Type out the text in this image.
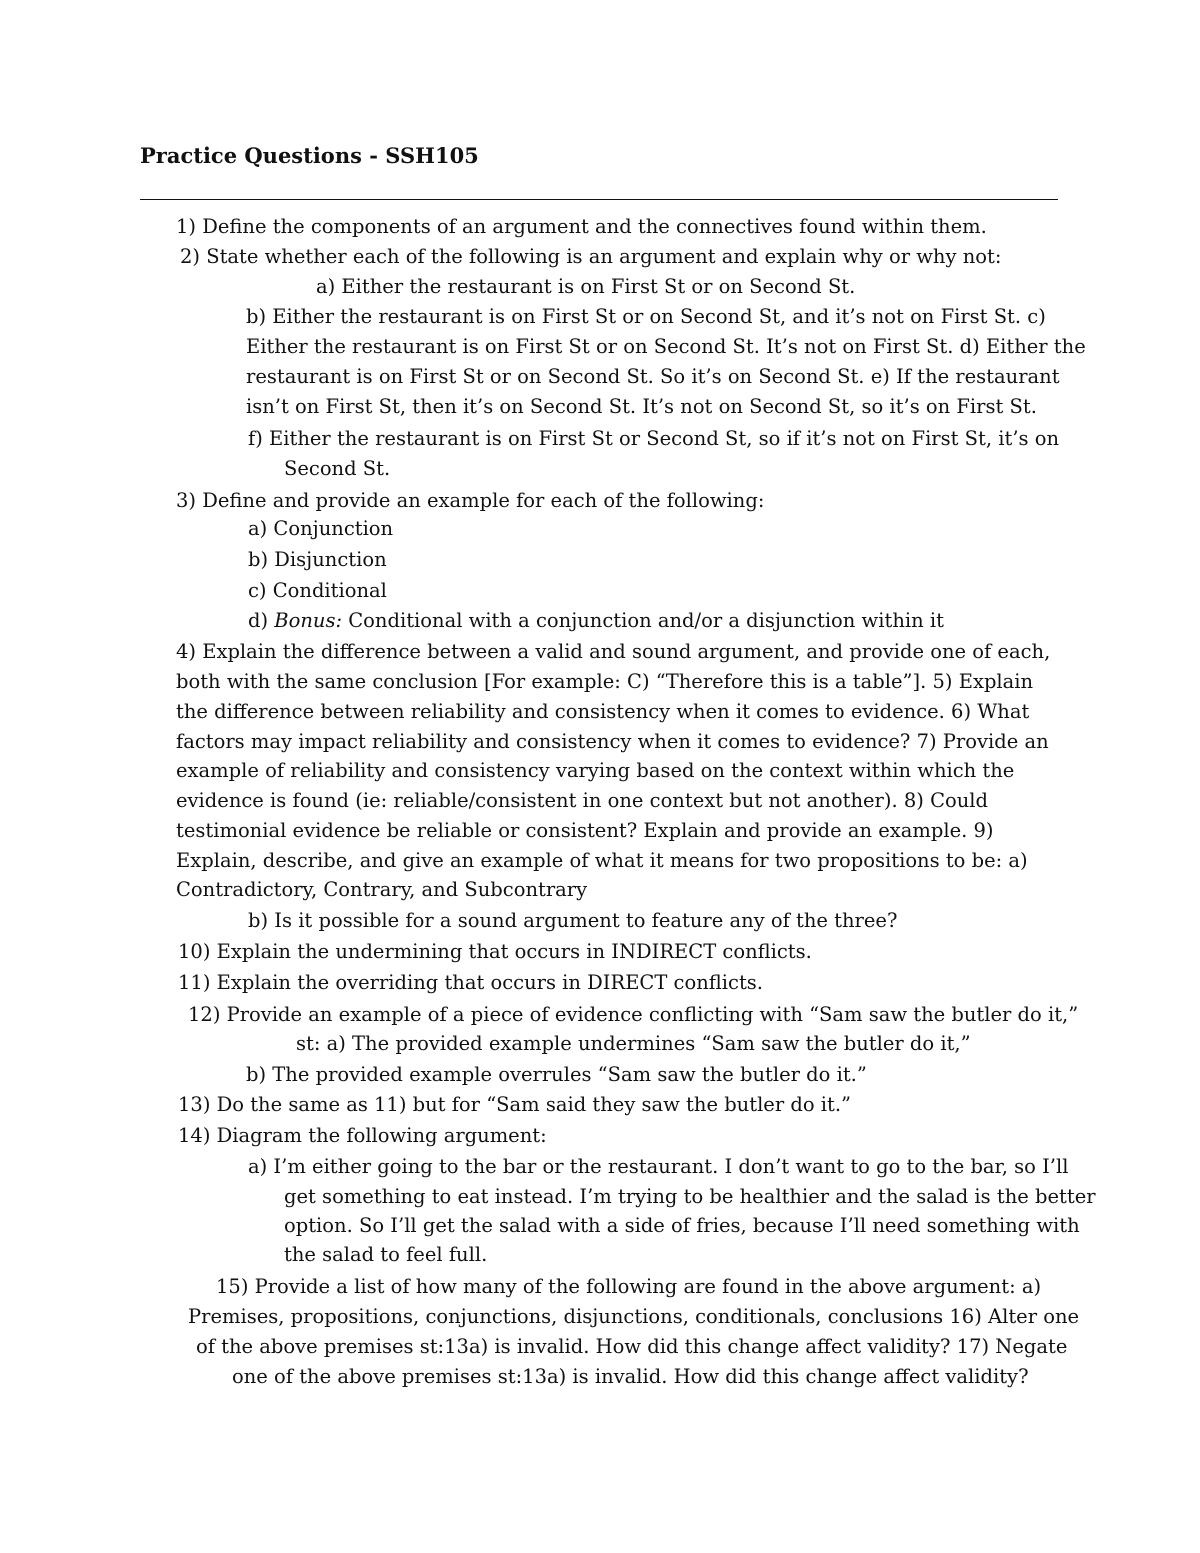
Practice Questions - SSH105
1) Define the components of an argument and the connectives found within them.
2) State whether each of the following is an argument and explain why or why not:
a) Either the restaurant is on First St or on Second St.
b) Either the restaurant is on First St or on Second St, and it’s not on First St. c)
Either the restaurant is on First St or on Second St. It’s not on First St. d) Either the
restaurant is on First St or on Second St. So it’s on Second St. e) If the restaurant
isn’t on First St, then it’s on Second St. It’s not on Second St, so it’s on First St.
f) Either the restaurant is on First St or Second St, so if it’s not on First St, it’s on
Second St.
3) Define and provide an example for each of the following:
a) Conjunction
b) Disjunction
c) Conditional
d) Bonus: Conditional with a conjunction and/or a disjunction within it
4) Explain the difference between a valid and sound argument, and provide one of each,
both with the same conclusion [For example: C) “Therefore this is a table”]. 5) Explain
the difference between reliability and consistency when it comes to evidence. 6) What
factors may impact reliability and consistency when it comes to evidence? 7) Provide an
example of reliability and consistency varying based on the context within which the
evidence is found (ie: reliable/consistent in one context but not another). 8) Could
testimonial evidence be reliable or consistent? Explain and provide an example. 9)
Explain, describe, and give an example of what it means for two propositions to be: a)
Contradictory, Contrary, and Subcontrary
b) Is it possible for a sound argument to feature any of the three?
10) Explain the undermining that occurs in INDIRECT conflicts.
11) Explain the overriding that occurs in DIRECT conflicts.
12) Provide an example of a piece of evidence conflicting with “Sam saw the butler do it,”
st: a) The provided example undermines “Sam saw the butler do it,”
b) The provided example overrules “Sam saw the butler do it.”
13) Do the same as 11) but for “Sam said they saw the butler do it.”
14) Diagram the following argument:
a) I’m either going to the bar or the restaurant. I don’t want to go to the bar, so I’ll
get something to eat instead. I’m trying to be healthier and the salad is the better
option. So I’ll get the salad with a side of fries, because I’ll need something with
the salad to feel full.
15) Provide a list of how many of the following are found in the above argument: a)
Premises, propositions, conjunctions, disjunctions, conditionals, conclusions 16) Alter one
of the above premises st:13a) is invalid. How did this change affect validity? 17) Negate
one of the above premises st:13a) is invalid. How did this change affect validity?
